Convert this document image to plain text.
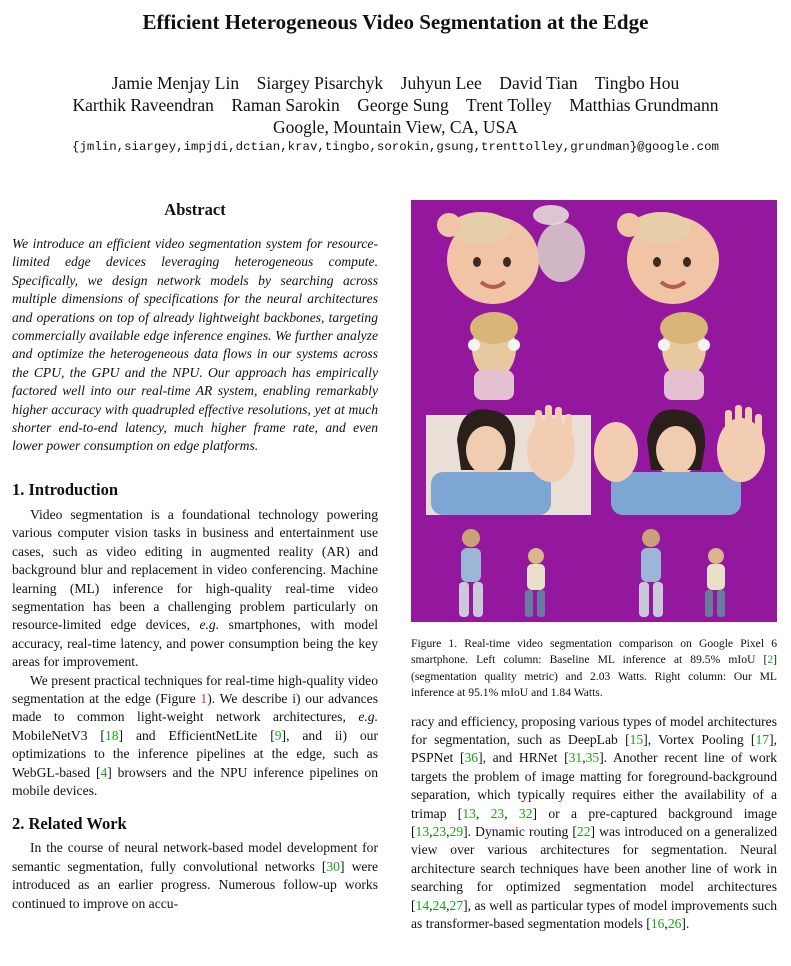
Efficient Heterogeneous Video Segmentation at the Edge
Jamie Menjay Lin    Siargey Pisarchyk    Juhyun Lee    David Tian    Tingbo Hou
Karthik Raveendran    Raman Sarokin    George Sung    Trent Tolley    Matthias Grundmann
Google, Mountain View, CA, USA
{jmlin,siargey,impjdi,dctian,krav,tingbo,sorokin,gsung,trenttolley,grundman}@google.com
Abstract

We introduce an efficient video segmentation system for resource-limited edge devices leveraging heterogeneous compute. Specifically, we design network models by searching across multiple dimensions of specifications for the neural architectures and operations on top of already lightweight backbones, targeting commercially available edge inference engines. We further analyze and optimize the heterogeneous data flows in our systems across the CPU, the GPU and the NPU. Our approach has empirically factored well into our real-time AR system, enabling remarkably higher accuracy with quadrupled effective resolutions, yet at much shorter end-to-end latency, much higher frame rate, and even lower power consumption on edge platforms.

1. Introduction

Video segmentation is a foundational technology powering various computer vision tasks in business and entertainment use cases, such as video editing in augmented reality (AR) and background blur and replacement in video conferencing. Machine learning (ML) inference for high-quality real-time video segmentation has been a challenging problem particularly on resource-limited edge devices, e.g. smartphones, with model accuracy, real-time latency, and power consumption being the key areas for improvement.

We present practical techniques for real-time high-quality video segmentation at the edge (Figure 1). We describe i) our advances made to common light-weight network architectures, e.g. MobileNetV3 [18] and EfficientNetLite [9], and ii) our optimizations to the inference pipelines at the edge, such as WebGL-based [4] browsers and the NPU inference pipelines on mobile devices.

2. Related Work

In the course of neural network-based model development for semantic segmentation, fully convolutional networks [30] were introduced as an earlier progress. Numerous follow-up works continued to improve on accu-

Figure 1. Real-time video segmentation comparison on Google Pixel 6 smartphone. Left column: Baseline ML inference at 89.5% mIoU [2] (segmentation quality metric) and 2.03 Watts. Right column: Our ML inference at 95.1% mIoU and 1.84 Watts.

racy and efficiency, proposing various types of model architectures for segmentation, such as DeepLab [15], Vortex Pooling [17], PSPNet [36], and HRNet [31,35]. Another recent line of work targets the problem of image matting for foreground-background separation, which typically requires either the availability of a trimap [13, 23, 32] or a pre-captured background image [13,23,29]. Dynamic routing [22] was introduced on a generalized view over various architectures for segmentation. Neural architecture search techniques have been another line of work in searching for optimized segmentation model architectures [14,24,27], as well as particular types of model improvements such as transformer-based segmentation models [16,26].
